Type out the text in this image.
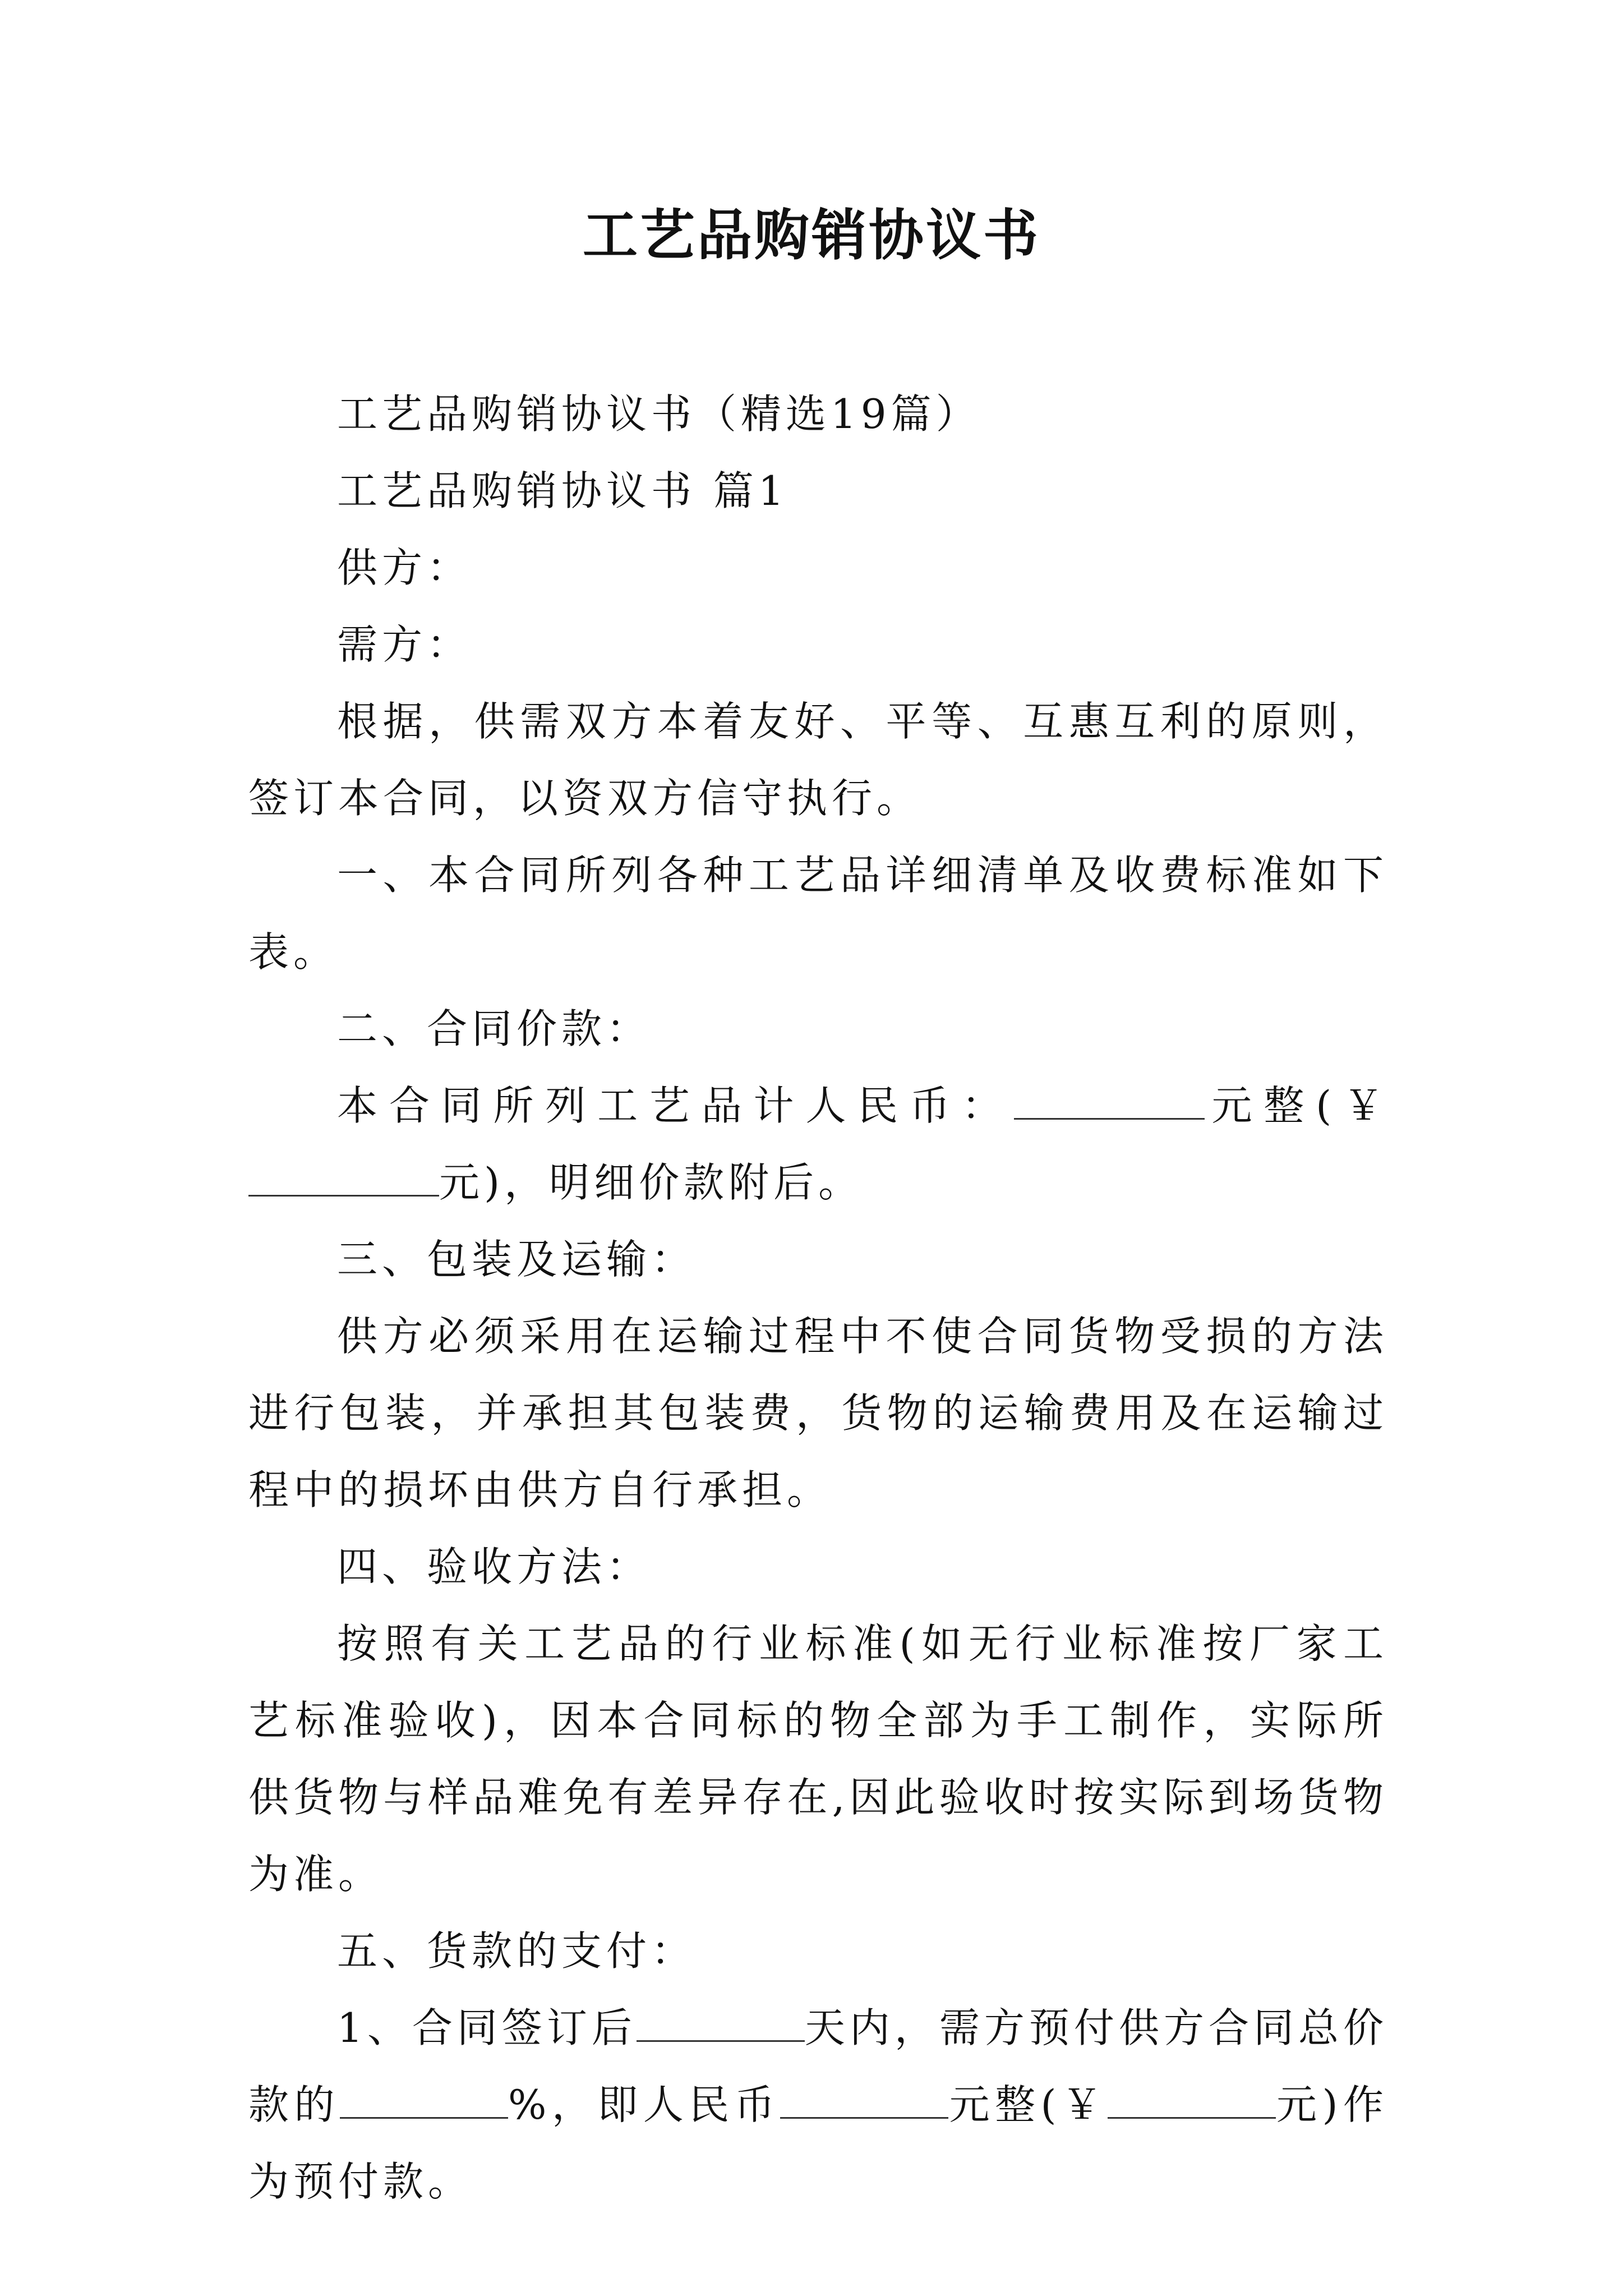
工艺品购销协议书

工艺品购销协议书（精选19篇）

工艺品购销协议书 篇1

供方：

需方：

根据，供需双方本着友好、平等、互惠互利的原则，签订本合同，以资双方信守执行。

一、本合同所列各种工艺品详细清单及收费标准如下表。

二、合同价款：

本合同所列工艺品计人民币：	元整(￥元)，明细价款附后。

三、包装及运输：

供方必须采用在运输过程中不使合同货物受损的方法进行包装，并承担其包装费，货物的运输费用及在运输过程中的损坏由供方自行承担。

四、验收方法：

按照有关工艺品的行业标准(如无行业标准按厂家工艺标准验收)，因本合同标的物全部为手工制作，实际所供货物与样品难免有差异存在,因此验收时按实际到场货物为准。

五、货款的支付：

1、合同签订后	天内，需方预付供方合同总价款的	%，即人民币	元整(￥	元)作为预付款。
